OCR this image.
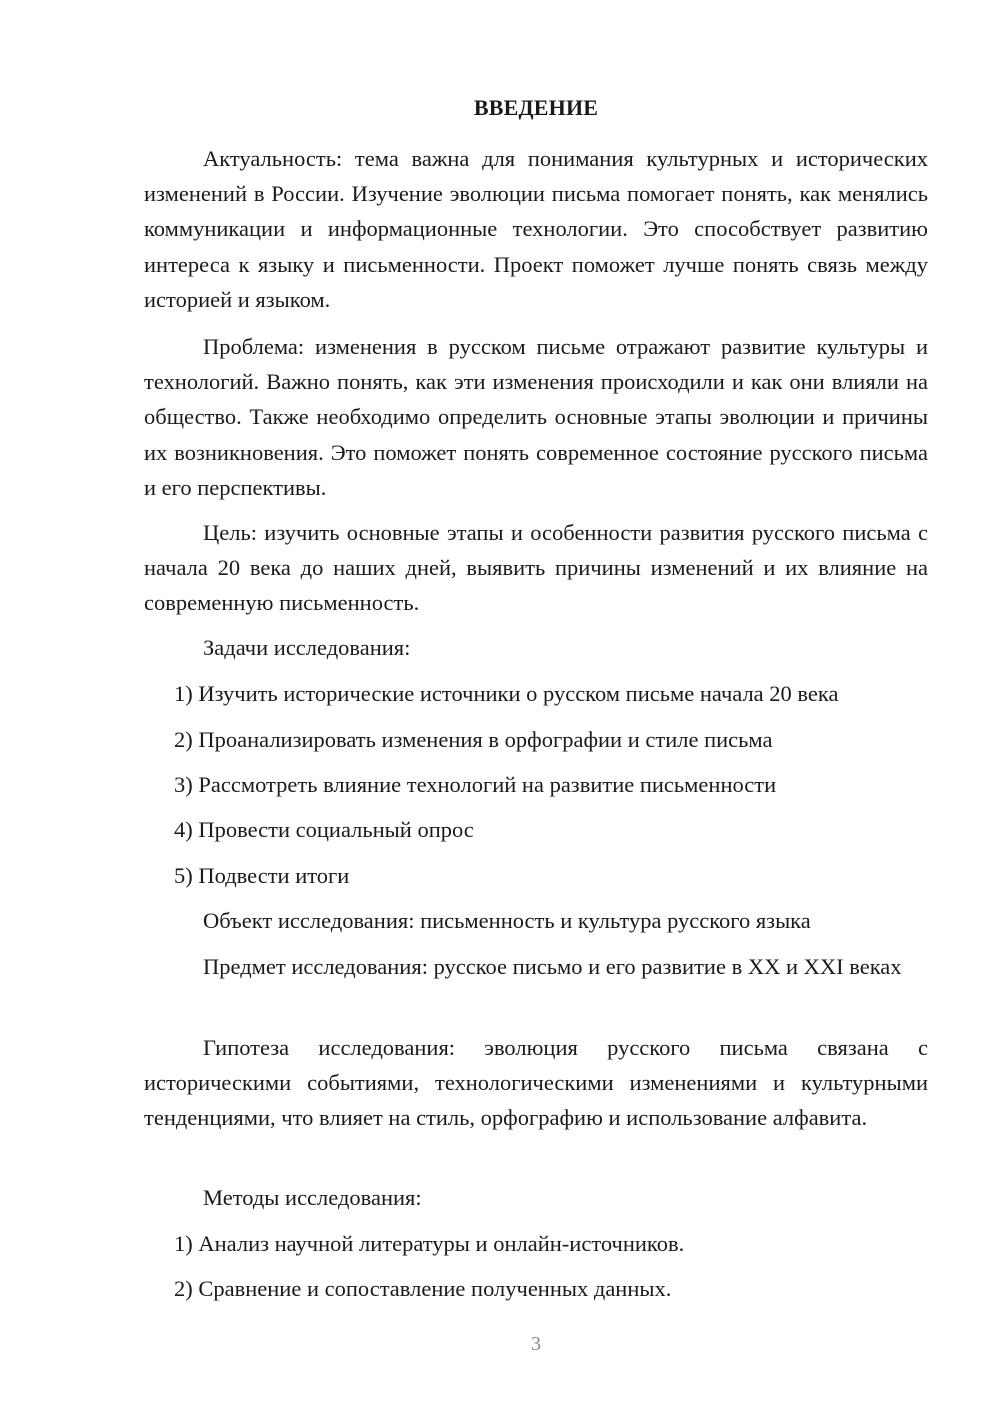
ВВЕДЕНИЕ

Актуальность: тема важна для понимания культурных и исторических изменений в России. Изучение эволюции письма помогает понять, как менялись коммуникации и информационные технологии. Это способствует развитию интереса к языку и письменности. Проект поможет лучше понять связь между историей и языком.

Проблема: изменения в русском письме отражают развитие культуры и технологий. Важно понять, как эти изменения происходили и как они влияли на общество. Также необходимо определить основные этапы эволюции и причины их возникновения. Это поможет понять современное состояние русского письма и его перспективы.

Цель: изучить основные этапы и особенности развития русского письма с начала 20 века до наших дней, выявить причины изменений и их влияние на современную письменность.

Задачи исследования:

1) Изучить исторические источники о русском письме начала 20 века

2) Проанализировать изменения в орфографии и стиле письма

3) Рассмотреть влияние технологий на развитие письменности

4) Провести социальный опрос

5) Подвести итоги

Объект исследования: письменность и культура русского языка

Предмет исследования: русское письмо и его развитие в XX и XXI веках

Гипотеза исследования: эволюция русского письма связана с историческими событиями, технологическими изменениями и культурными тенденциями, что влияет на стиль, орфографию и использование алфавита.

Методы исследования:

1) Анализ научной литературы и онлайн-источников.

2) Сравнение и сопоставление полученных данных.

3
